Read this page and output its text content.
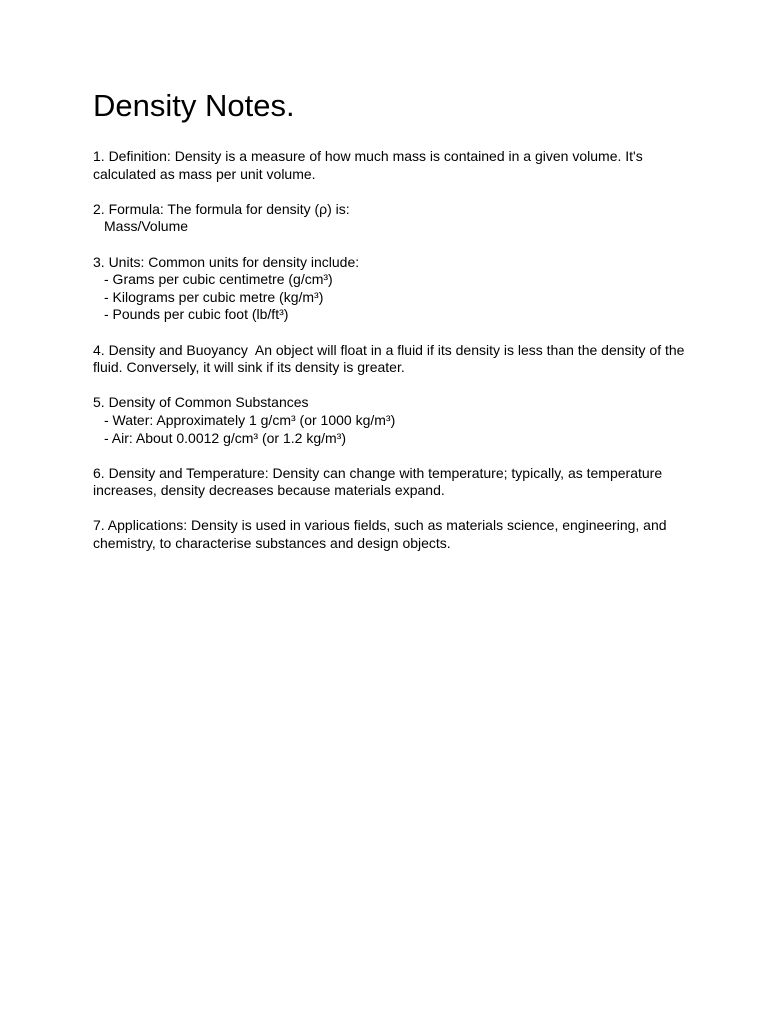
Density Notes.
1. Definition: Density is a measure of how much mass is contained in a given volume. It's calculated as mass per unit volume.
2. Formula: The formula for density (ρ) is:
Mass/Volume
3. Units: Common units for density include:
- Grams per cubic centimetre (g/cm³)
- Kilograms per cubic metre (kg/m³)
- Pounds per cubic foot (lb/ft³)
4. Density and Buoyancy  An object will float in a fluid if its density is less than the density of the fluid. Conversely, it will sink if its density is greater.
5. Density of Common Substances
- Water: Approximately 1 g/cm³ (or 1000 kg/m³)
- Air: About 0.0012 g/cm³ (or 1.2 kg/m³)
6. Density and Temperature: Density can change with temperature; typically, as temperature increases, density decreases because materials expand.
7. Applications: Density is used in various fields, such as materials science, engineering, and chemistry, to characterise substances and design objects.
